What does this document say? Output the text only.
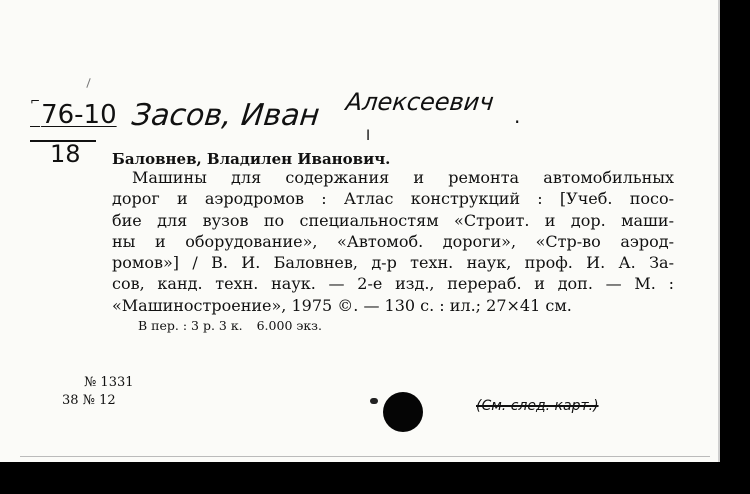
⌐76-10
18
Засов, Иван Алексеевич .
I
Баловнев, Владилен Иванович.
Машины для содержания и ремонта автомобильных
дорог и аэродромов : Атлас конструкций : [Учеб. посо-
бие для вузов по специальностям «Строит. и дор. маши-
ны и оборудование», «Автомоб. дороги», «Стр-во аэрод-
ромов»] / В. И. Баловнев, д-р техн. наук, проф. И. А. За-
сов, канд. техн. наук. — 2-е изд., перераб. и доп. — М. :
«Машиностроение», 1975 ©. — 130 с. : ил.; 27×41 см.
В пер. : 3 р. 3 к. 6.000 экз.
№ 1331
38 № 12	(См. след. карт.)
